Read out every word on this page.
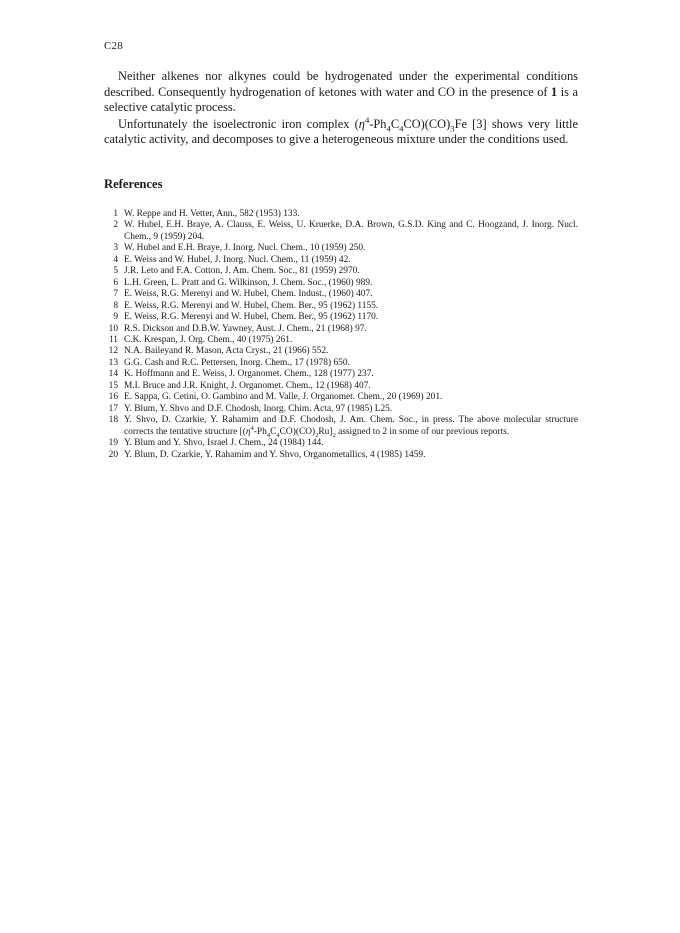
C28

Neither alkenes nor alkynes could be hydrogenated under the experimental conditions described. Consequently hydrogenation of ketones with water and CO in the presence of 1 is a selective catalytic process.

Unfortunately the isoelectronic iron complex $(\eta^4-Ph_4C_4CO)(CO)_3Fe$ [3] shows very little catalytic activity, and decomposes to give a heterogeneous mixture under the conditions used.

References
1 W. Reppe and H. Vetter, Ann., 582 (1953) 133.
2 W. Hubel, E.H. Braye, A. Clauss, E. Weiss, U. Kruerke, D.A. Brown, G.S.D. King and C. Hoogzand, J. Inorg. Nucl. Chem., 9 (1959) 204.
3 W. Hubel and E.H. Braye, J. Inorg. Nucl. Chem., 10 (1959) 250.
4 E. Weiss and W. Hubel, J. Inorg. Nucl. Chem., 11 (1959) 42.
5 J.R. Leto and F.A. Cotton, J. Am. Chem. Soc., 81 (1959) 2970.
6 L.H. Green, L. Pratt and G. Wilkinson, J. Chem. Soc., (1960) 989.
7 E. Weiss, R.G. Merenyi and W. Hubel, Chem. Indust., (1960) 407.
8 E. Weiss, R.G. Merenyi and W. Hubel, Chem. Ber., 95 (1962) 1155.
9 E. Weiss, R.G. Merenyi and W. Hubel, Chem. Ber., 95 (1962) 1170.
10 R.S. Dickson and D.B.W. Yawney, Aust. J. Chem., 21 (1968) 97.
11 C.K. Krespan, J. Org. Chem., 40 (1975) 261.
12 N.A. Baileyand R. Mason, Acta Cryst., 21 (1966) 552.
13 G.G. Cash and R.C. Pettersen, Inorg. Chem., 17 (1978) 650.
14 K. Hoffmann and E. Weiss, J. Organomet. Chem., 128 (1977) 237.
15 M.I. Bruce and J.R. Knight, J. Organomet. Chem., 12 (1968) 407.
16 E. Sappa, G. Cetini, O. Gambino and M. Valle, J. Organomet. Chem., 20 (1969) 201.
17 Y. Blum, Y. Shvo and D.F. Chodosh, Inorg. Chim. Acta, 97 (1985) L25.
18 Y. Shvo, D. Czarkie, Y. Rahamim and D.F. Chodosh, J. Am. Chem. Soc., in press. The above molecular structure corrects the tentative structure $[(\eta^4-Ph_4C_4CO)(CO)_2Ru]_2$ assigned to 2 in some of our previous reports.
19 Y. Blum and Y. Shvo, Israel J. Chem., 24 (1984) 144.
20 Y. Blum, D. Czarkie, Y. Rahamim and Y. Shvo, Organometallics, 4 (1985) 1459.
